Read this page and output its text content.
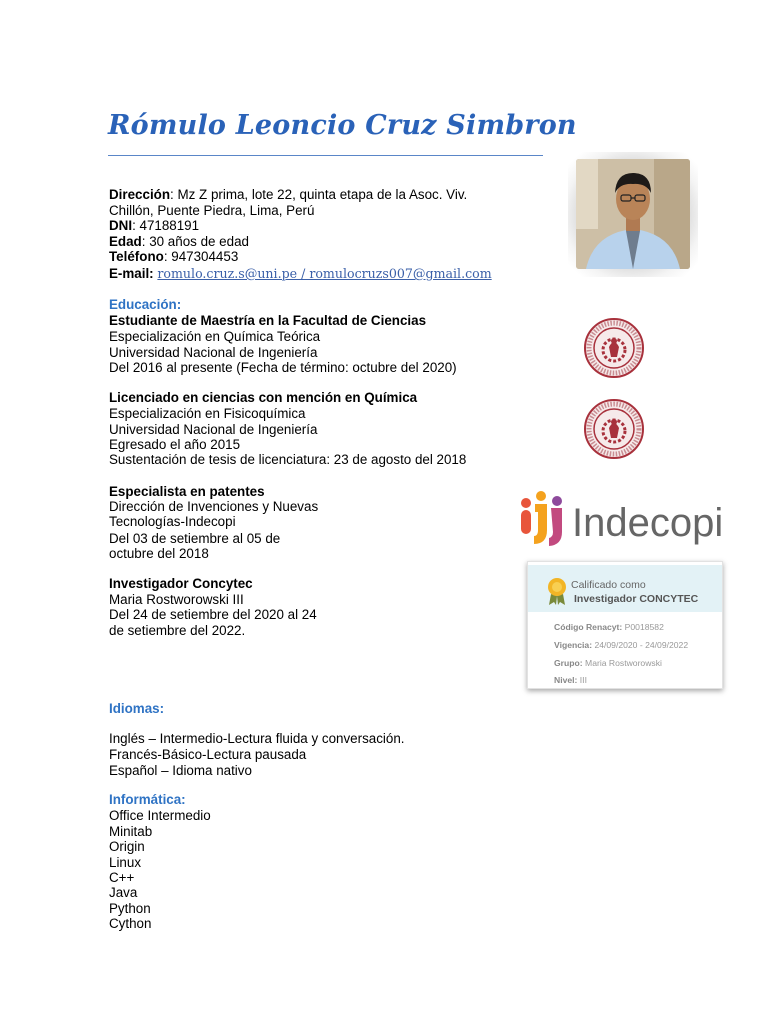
Rómulo Leoncio Cruz Simbron
Dirección: Mz Z prima, lote 22, quinta etapa de la Asoc. Viv.
Chillón, Puente Piedra, Lima, Perú
DNI: 47188191
Edad: 30 años de edad
Teléfono: 947304453
E-mail: romulo.cruz.s@uni.pe / romulocruzs007@gmail.com
Educación:
Estudiante de Maestría en la Facultad de Ciencias
Especialización en Química Teórica
Universidad Nacional de Ingeniería
Del 2016 al presente (Fecha de término: octubre del 2020)
Licenciado en ciencias con mención en Química
Especialización en Fisicoquímica
Universidad Nacional de Ingeniería
Egresado el año 2015
Sustentación de tesis de licenciatura: 23 de agosto del 2018
Especialista en patentes
Dirección de Invenciones y Nuevas
Tecnologías-Indecopi
Del 03 de setiembre al 05 de
octubre del 2018
Investigador Concytec
Maria Rostworowski III
Del 24 de setiembre del 2020 al 24
de setiembre del 2022.
Indecopi
Calificado como
Investigador CONCYTEC
Código Renacyt: P0018582
Vigencia: 24/09/2020 - 24/09/2022
Grupo: Maria Rostworowski
Nivel: III
Idiomas:
Inglés – Intermedio-Lectura fluida y conversación.
Francés-Básico-Lectura pausada
Español – Idioma nativo
Informática:
Office Intermedio
Minitab
Origin
Linux
C++
Java
Python
Cython
